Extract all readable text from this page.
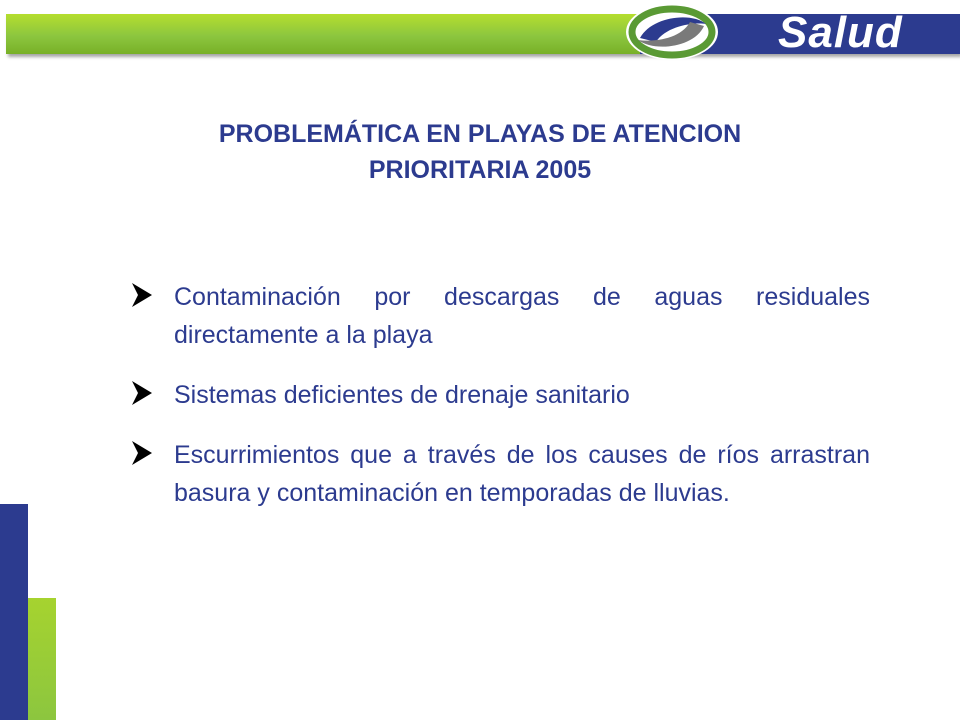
Salud
PROBLEMÁTICA EN PLAYAS DE ATENCION
PRIORITARIA 2005
Contaminación por descargas de aguas residuales directamente a la playa
Sistemas deficientes de drenaje sanitario
Escurrimientos que a través de los causes de ríos arrastran basura y contaminación en temporadas de lluvias.
